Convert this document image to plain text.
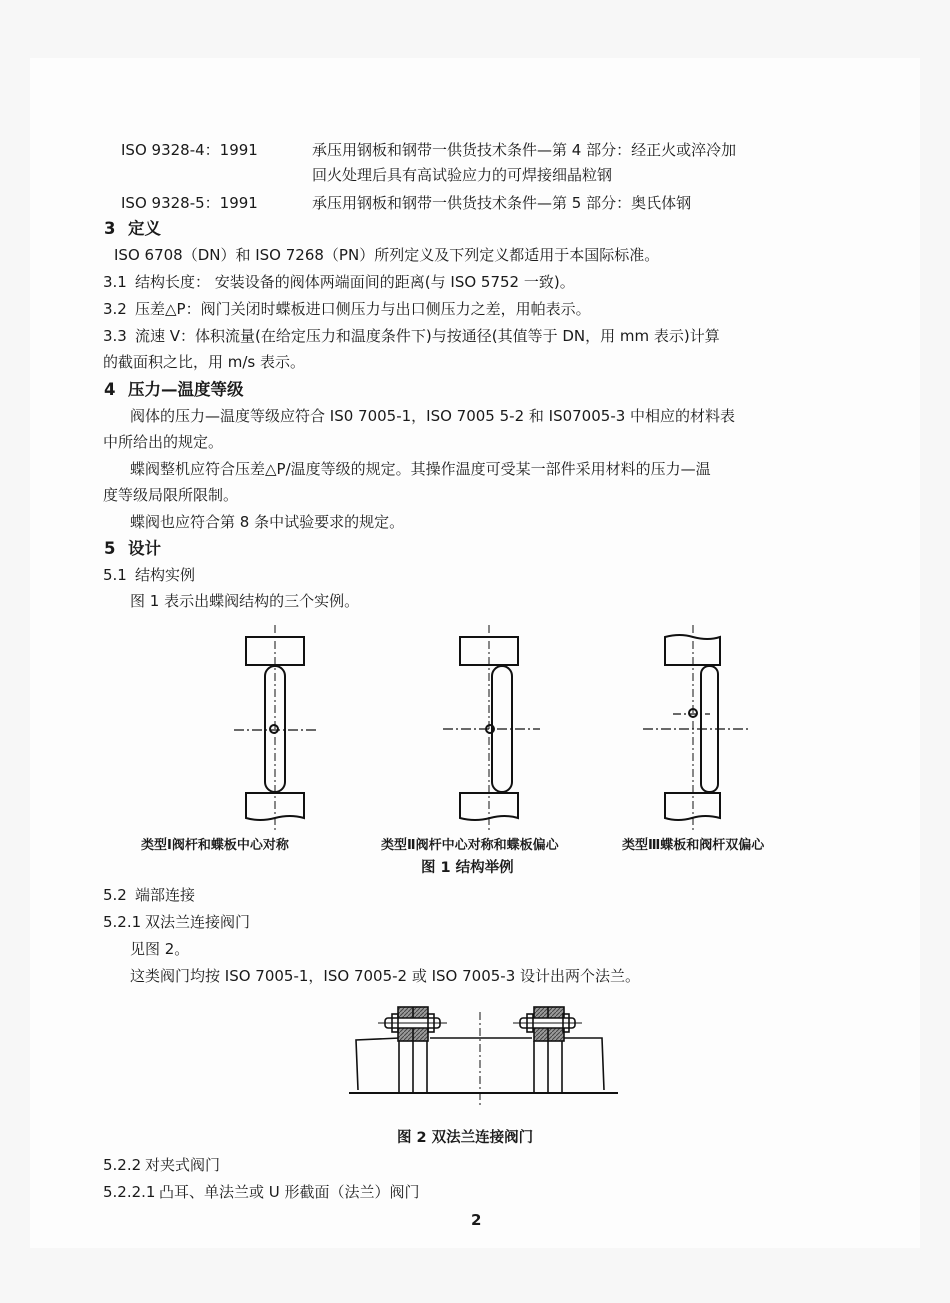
ISO 9328-4：1991	承压用钢板和钢带一供货技术条件—第 4 部分：经正火或淬冷加
回火处理后具有高试验应力的可焊接细晶粒钢
ISO 9328-5：1991	承压用钢板和钢带一供货技术条件—第 5 部分：奥氏体钢
3 定义
ISO 6708（DN）和 ISO 7268（PN）所列定义及下列定义都适用于本国际标准。
3.1 结构长度： 安装设备的阀体两端面间的距离(与 ISO 5752 一致)。
3.2 压差△P：阀门关闭时蝶板进口侧压力与出口侧压力之差，用帕表示。
3.3 流速 V：体积流量(在给定压力和温度条件下)与按通径(其值等于 DN，用 mm 表示)计算
的截面积之比，用 m/s 表示。
4 压力—温度等级
阀体的压力—温度等级应符合 IS0 7005-1，ISO 7005 5-2 和 IS07005-3 中相应的材料表
中所给出的规定。
蝶阀整机应符合压差△P/温度等级的规定。其操作温度可受某一部件采用材料的压力—温
度等级局限所限制。
蝶阀也应符合第 8 条中试验要求的规定。
5 设计
5.1 结构实例
图 1 表示出蝶阀结构的三个实例。
类型Ⅰ阀杆和蝶板中心对称	类型Ⅱ阀杆中心对称和蝶板偏心	类型Ⅲ蝶板和阀杆双偏心
图 1 结构举例
5.2 端部连接
5.2.1 双法兰连接阀门
见图 2。
这类阀门均按 ISO 7005-1，ISO 7005-2 或 ISO 7005-3 设计出两个法兰。
图 2 双法兰连接阀门
5.2.2 对夹式阀门
5.2.2.1 凸耳、单法兰或 U 形截面（法兰）阀门
2
